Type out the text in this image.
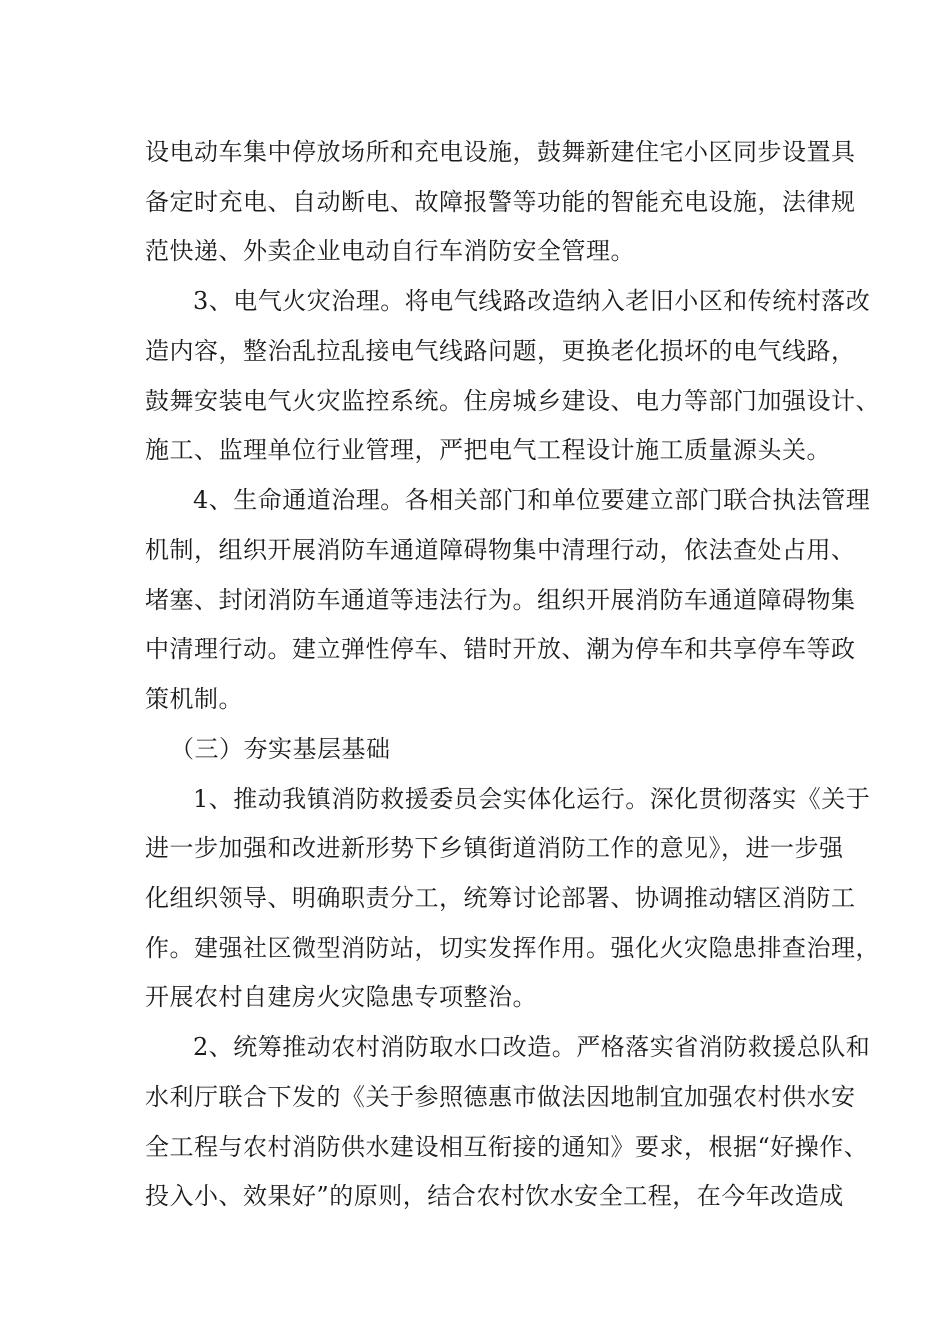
设电动车集中停放场所和充电设施，鼓舞新建住宅小区同步设置具
备定时充电、自动断电、故障报警等功能的智能充电设施，法律规
范快递、外卖企业电动自行车消防安全管理。
3、电气火灾治理。将电气线路改造纳入老旧小区和传统村落改
造内容，整治乱拉乱接电气线路问题，更换老化损坏的电气线路，
鼓舞安装电气火灾监控系统。住房城乡建设、电力等部门加强设计、
施工、监理单位行业管理，严把电气工程设计施工质量源头关。
4、生命通道治理。各相关部门和单位要建立部门联合执法管理
机制，组织开展消防车通道障碍物集中清理行动，依法查处占用、
堵塞、封闭消防车通道等违法行为。组织开展消防车通道障碍物集
中清理行动。建立弹性停车、错时开放、潮为停车和共享停车等政
策机制。
（三）夯实基层基础
1、推动我镇消防救援委员会实体化运行。深化贯彻落实《关于
进一步加强和改进新形势下乡镇街道消防工作的意见》，进一步强
化组织领导、明确职责分工，统筹讨论部署、协调推动辖区消防工
作。建强社区微型消防站，切实发挥作用。强化火灾隐患排查治理，
开展农村自建房火灾隐患专项整治。
2、统筹推动农村消防取水口改造。严格落实省消防救援总队和
水利厅联合下发的《关于参照德惠市做法因地制宜加强农村供水安
全工程与农村消防供水建设相互衔接的通知》要求，根据“好操作、
投入小、效果好”的原则，结合农村饮水安全工程，在今年改造成
